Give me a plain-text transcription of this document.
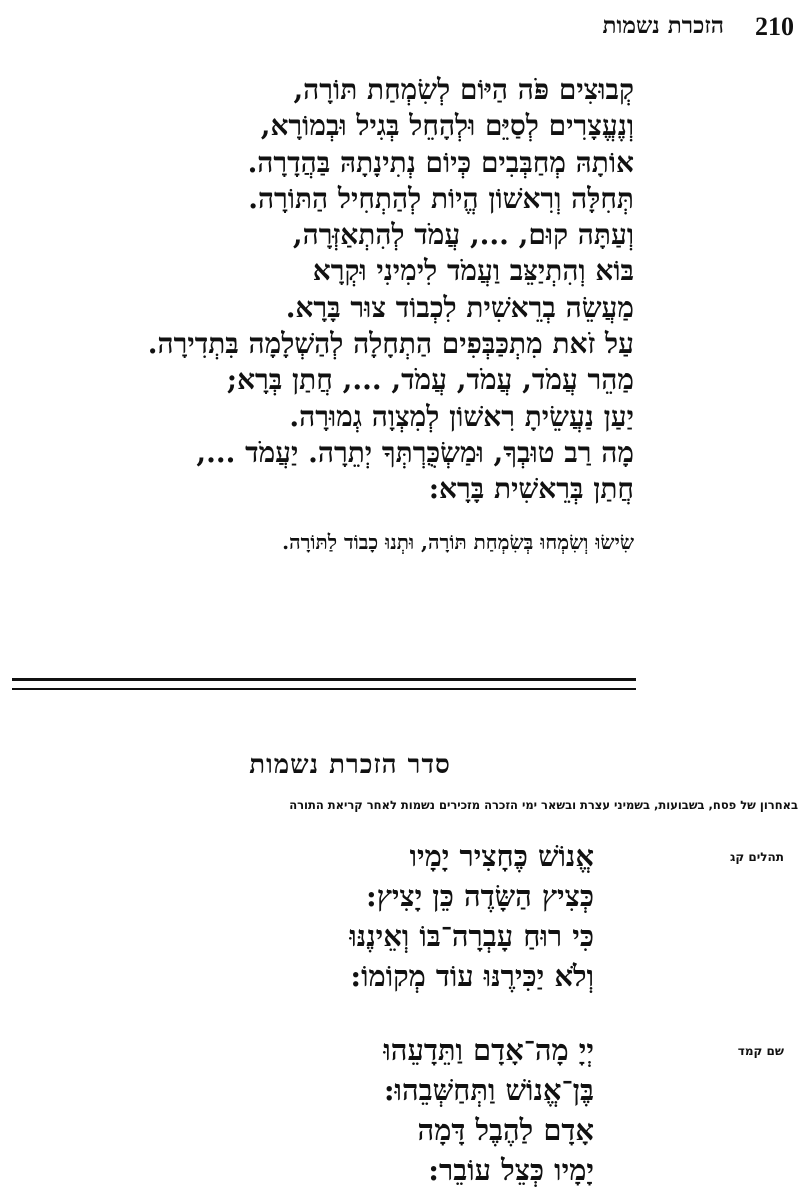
210
הזכרת נשמות
קְבוּצִים פֹּה הַיּוֹם לְשִׂמְחַת תּוֹרָה,
וְנֶעֱצָרִים לְסַיֵּם וּלְהָחֵל בְּגִיל וּבְמוֹרָא,
אוֹתָהּ מְחַבְּבִים כְּיוֹם נְתִינָתָהּ בַּהֲדָרָה.
תְּחִלָּה וְרִאשׁוֹן הֱיוֹת לְהַתְחִיל הַתּוֹרָה.
וְעַתָּה קוּם, ..., עֲמֹד לְהִתְאַזְּרָה,
בּוֹא וְהִתְיַצֵּב וַעֲמֹד לִימִינִי וּקְרָא
מַעֲשֵׂה בְרֵאשִׁית לִכְבוֹד צוּר בָּרָא.
עַל זֹאת מִתְכַּבְּפִים הַתְחָלָה לְהַשְׁלָמָה בִּתְדִירָה.
מַהֵר עֲמֹד, עֲמֹד, עֲמֹד, ..., חֲתַן בְּרָא;
יַעַן נַעֲשֵׂיתָ רִאשׁוֹן לְמִצְוָה גְמוּרָה.
מָה רַב טוּבְךָ, וּמַשְׂכֻּרְתְּךָ יְתֵרָה. יַעֲמֹד ...,
חֲתַן בְּרֵאשִׁית בָּרָא:
שִׂישׂוּ וְשִׂמְחוּ בְּשִׂמְחַת תּוֹרָה, וּתְנוּ כָבוֹד לַתּוֹרָה.
סדר הזכרת נשמות
באחרון של פסח, בשבועות, בשמיני עצרת ובשאר ימי הזכרה מזכירים נשמות לאחר קריאת התורה
תהלים קג
אֱנוֹשׁ כֶּחָצִיר יָמָיו
כְּצִיץ הַשָּׂדֶה כֵּן יָצִיץ:
כִּי רוּחַ עָבְרָה־בּוֹ וְאֵינֶנּוּ
וְלֹא יַכִּירֶנּוּ עוֹד מְקוֹמוֹ:
שם קמד
יְיָ מָה־אָדָם וַתֵּדָעֵהוּ
בֶּן־אֱנוֹשׁ וַתְּחַשְּׁבֵהוּ:
אָדָם לַהֶבֶל דָּמָה
יָמָיו כְּצֵל עוֹבֵר:
